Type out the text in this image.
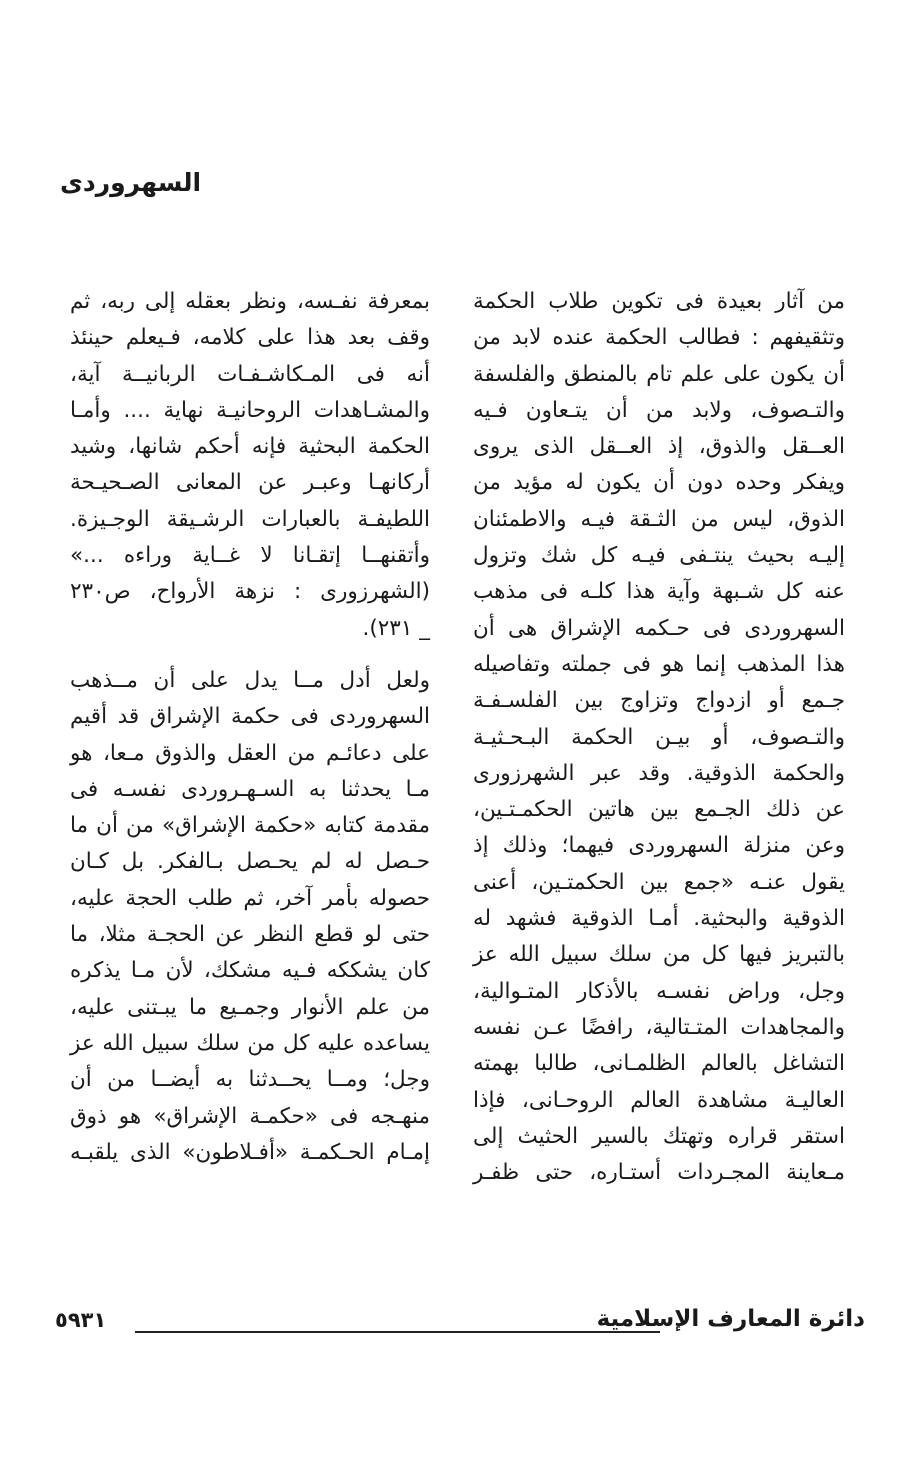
السهروردى

من آثار بعيدة فى تكوين طلاب الحكمة
وتثقيفهم : فطالب الحكمة عنده لابد من
أن يكون على علم تام بالمنطق والفلسفة
والتـصوف، ولابد من أن يتـعاون فـيه
العــقل والذوق، إذ العــقل الذى يروى
ويفكر وحده دون أن يكون له مؤيد من
الذوق، ليس من الثـقة فيـه والاطمئنان
إليـه بحيث ينتـفى فيـه كل شك وتزول
عنه كل شـبهة وآية هذا كلـه فى مذهب
السهروردى فى حـكمه الإشراق هى أن
هذا المذهب إنما هو فى جملته وتفاصيله
جـمع أو ازدواج وتزاوج بين الفلسـفـة
والتـصوف، أو بيـن الحكمة البـحـثيـة
والحكمة الذوقية. وقد عبر الشهرزورى
عن ذلك الجـمع بين هاتين الحكمـتـين،
وعن منزلة السهروردى فيهما؛ وذلك إذ
يقول عنـه «جمع بين الحكمتـين، أعنى
الذوقية والبحثية. أمـا الذوقية فشهد له
بالتبريز فيها كل من سلك سبيل الله عز
وجل، وراض نفسـه بالأذكار المتـوالية،
والمجاهدات المتـتالية، رافضًا عـن نفسه
التشاغل بالعالم الظلمـانى، طالبا بهمته
العاليـة مشاهدة العالم الروحـانى، فإذا
استقر قراره وتهتك بالسير الحثيث إلى
مـعاينة المجـردات أستـاره، حتى ظفـر

بمعرفة نفـسه، ونظر بعقله إلى ربه، ثم
وقف بعد هذا على كلامه، فـيعلم حينئذ
أنه فى المـكاشـفـات الربانيــة آية،
والمشـاهدات الروحانيـة نهاية .... وأمـا
الحكمة البحثية فإنه أحكم شانها، وشيد
أركانهـا وعبـر عن المعانى الصـحيـحة
اللطيفـة بالعبارات الرشـيقة الوجـيزة.
وأتقنهــا إتقـانا لا غــاية وراءه ...»
(الشهرزورى : نزهة الأرواح، ص٢٣٠
_ ٢٣١).

ولعل أدل مــا يدل على أن مــذهب
السهروردى فى حكمة الإشراق قد أقيم
على دعائـم من العقل والذوق مـعا، هو
مـا يحدثنا به السـهـروردى نفسـه فى
مقدمة كتابه «حكمة الإشراق» من أن ما
حـصل له لم يحـصل بـالفكر. بل كـان
حصوله بأمر آخر، ثم طلب الحجة عليه،
حتى لو قطع النظر عن الحجـة مثلا، ما
كان يشككه فـيه مشكك، لأن مـا يذكره
من علم الأنوار وجمـيع ما يبـتنى عليه،
يساعده عليه كل من سلك سبيل الله عز
وجل؛ ومــا يحــدثنا به أيضــا من أن
منهـجه فى «حكمـة الإشراق» هو ذوق
إمـام الحـكمـة «أفـلاطون» الذى يلقبـه

دائرة المعارف الإسلامية
٥٩٣١
